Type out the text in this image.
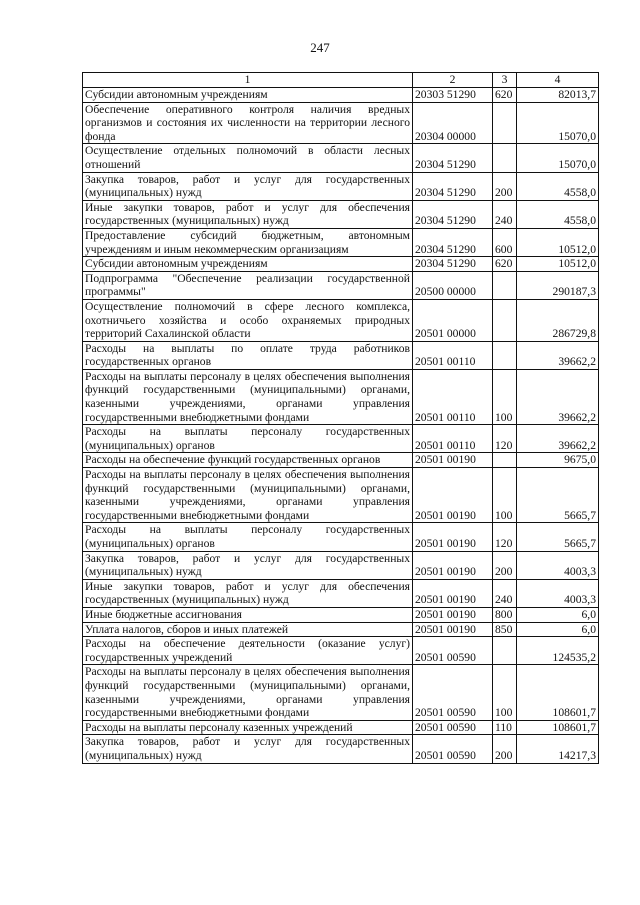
247
1	2	3	4
Субсидии автономным учреждениям	20303 51290	620	82013,7
Обеспечение оперативного контроля наличия вредных организмов и состояния их численности на территории лесного фонда	20304 00000		15070,0
Осуществление отдельных полномочий в области лесных отношений	20304 51290		15070,0
Закупка товаров, работ и услуг для государственных (муниципальных) нужд	20304 51290	200	4558,0
Иные закупки товаров, работ и услуг для обеспечения государственных (муниципальных) нужд	20304 51290	240	4558,0
Предоставление субсидий бюджетным, автономным учреждениям и иным некоммерческим организациям	20304 51290	600	10512,0
Субсидии автономным учреждениям	20304 51290	620	10512,0
Подпрограмма "Обеспечение реализации государственной программы"	20500 00000		290187,3
Осуществление полномочий в сфере лесного комплекса, охотничьего хозяйства и особо охраняемых природных территорий Сахалинской области	20501 00000		286729,8
Расходы на выплаты по оплате труда работников государственных органов	20501 00110		39662,2
Расходы на выплаты персоналу в целях обеспечения выполнения функций государственными (муниципальными) органами, казенными учреждениями, органами управления государственными внебюджетными фондами	20501 00110	100	39662,2
Расходы на выплаты персоналу государственных (муниципальных) органов	20501 00110	120	39662,2
Расходы на обеспечение функций государственных органов	20501 00190		9675,0
Расходы на выплаты персоналу в целях обеспечения выполнения функций государственными (муниципальными) органами, казенными учреждениями, органами управления государственными внебюджетными фондами	20501 00190	100	5665,7
Расходы на выплаты персоналу государственных (муниципальных) органов	20501 00190	120	5665,7
Закупка товаров, работ и услуг для государственных (муниципальных) нужд	20501 00190	200	4003,3
Иные закупки товаров, работ и услуг для обеспечения государственных (муниципальных) нужд	20501 00190	240	4003,3
Иные бюджетные ассигнования	20501 00190	800	6,0
Уплата налогов, сборов и иных платежей	20501 00190	850	6,0
Расходы на обеспечение деятельности (оказание услуг) государственных учреждений	20501 00590		124535,2
Расходы на выплаты персоналу в целях обеспечения выполнения функций государственными (муниципальными) органами, казенными учреждениями, органами управления государственными внебюджетными фондами	20501 00590	100	108601,7
Расходы на выплаты персоналу казенных учреждений	20501 00590	110	108601,7
Закупка товаров, работ и услуг для государственных (муниципальных) нужд	20501 00590	200	14217,3
